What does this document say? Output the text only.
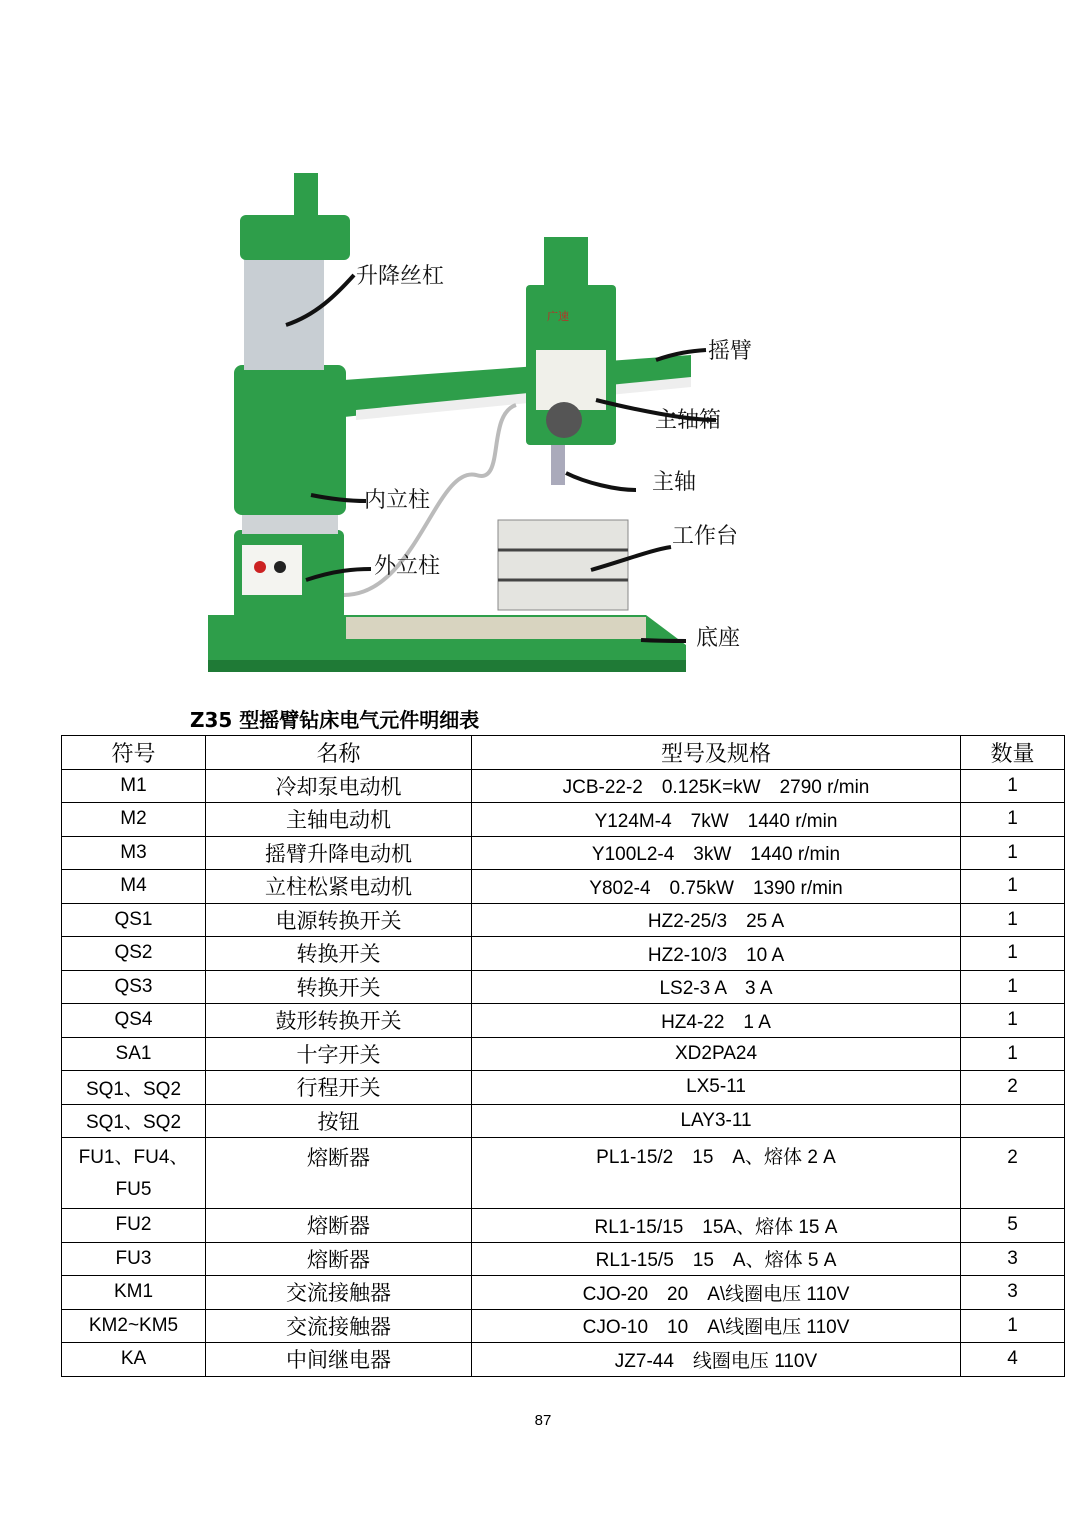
升降丝杠
摇臂
主轴箱
主轴
内立柱
外立柱
工作台
底座
广速
Z35 型摇臂钻床电气元件明细表
符号	名称	型号及规格	数量
M1	冷却泵电动机	JCB-22-2　0.125K=kW　2790 r/min	1
M2	主轴电动机	Y124M-4　7kW　1440 r/min	1
M3	摇臂升降电动机	Y100L2-4　3kW　1440 r/min	1
M4	立柱松紧电动机	Y802-4　0.75kW　1390 r/min	1
QS1	电源转换开关	HZ2-25/3　25 A	1
QS2	转换开关	HZ2-10/3　10 A	1
QS3	转换开关	LS2-3 A　3 A	1
QS4	鼓形转换开关	HZ4-22　1 A	1
SA1	十字开关	XD2PA24	1
SQ1、SQ2	行程开关	LX5-11	2
SQ1、SQ2	按钮	LAY3-11	
FU1、FU4、FU5	熔断器	PL1-15/2　15　A、熔体 2 A	2
FU2	熔断器	RL1-15/15　15A、熔体 15 A	5
FU3	熔断器	RL1-15/5　15　A、熔体 5 A	3
KM1	交流接触器	CJO-20　20　A\线圈电压 110V	3
KM2~KM5	交流接触器	CJO-10　10　A\线圈电压 110V	1
KA	中间继电器	JZ7-44　线圈电压 110V	4
87
